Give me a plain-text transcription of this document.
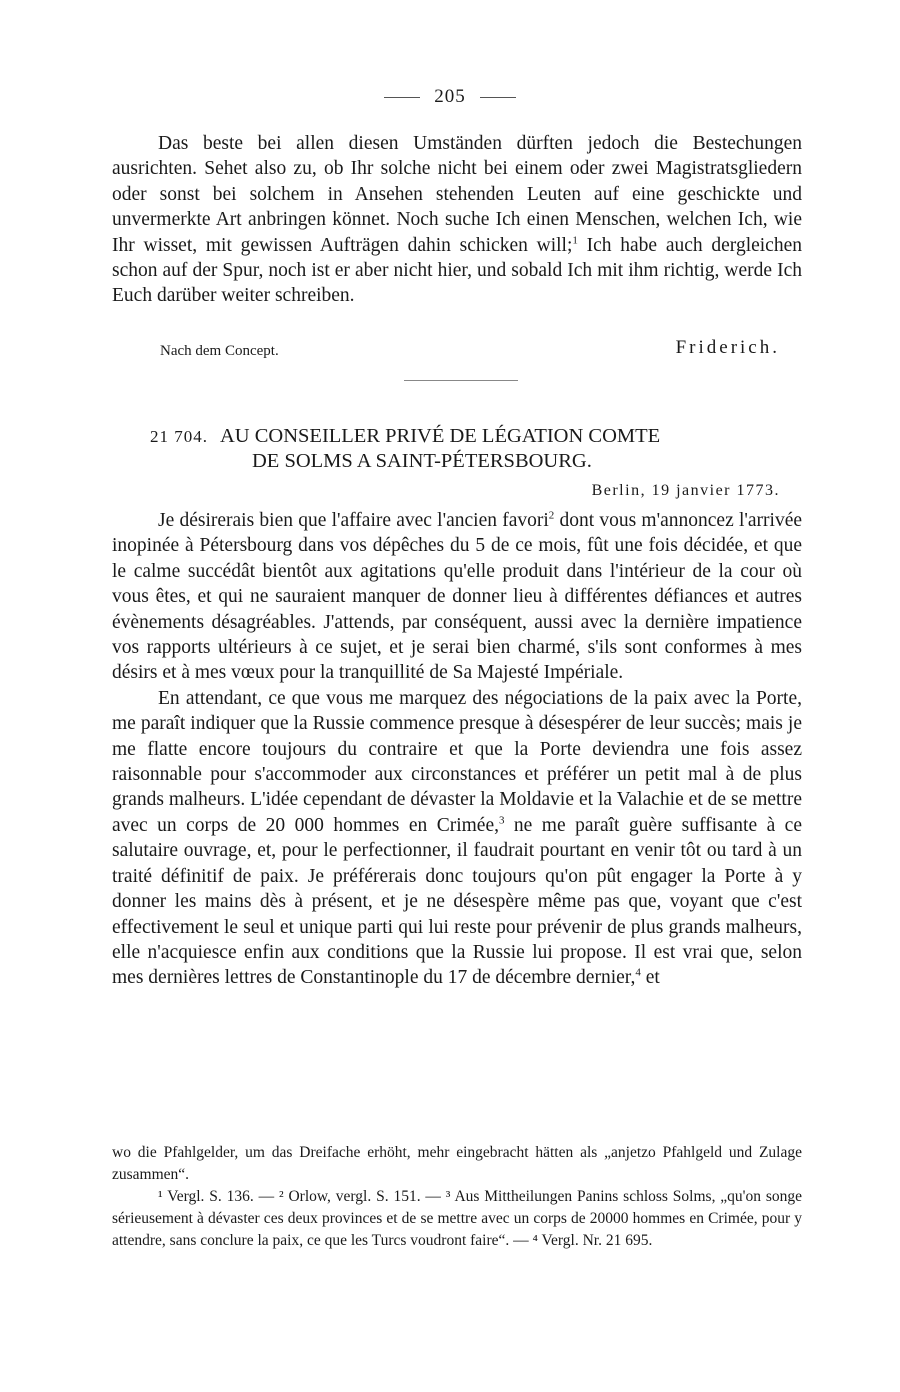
205

Das beste bei allen diesen Umständen dürften jedoch die Bestechungen ausrichten. Sehet also zu, ob Ihr solche nicht bei einem oder zwei Magistratsgliedern oder sonst bei solchem in Ansehen stehenden Leuten auf eine geschickte und unvermerkte Art anbringen könnet. Noch suche Ich einen Menschen, welchen Ich, wie Ihr wisset, mit gewissen Aufträgen dahin schicken will;$^1$ Ich habe auch dergleichen schon auf der Spur, noch ist er aber nicht hier, und sobald Ich mit ihm richtig, werde Ich Euch darüber weiter schreiben.

Nach dem Concept.	Friderich.
21 704. AU CONSEILLER PRIVÉ DE LÉGATION COMTE
DE SOLMS A SAINT-PÉTERSBOURG.
Berlin, 19 janvier 1773.

Je désirerais bien que l'affaire avec l'ancien favori$^2$ dont vous m'annoncez l'arrivée inopinée à Pétersbourg dans vos dépêches du 5 de ce mois, fût une fois décidée, et que le calme succédât bientôt aux agitations qu'elle produit dans l'intérieur de la cour où vous êtes, et qui ne sauraient manquer de donner lieu à différentes défiances et autres évènements désagréables. J'attends, par conséquent, aussi avec la dernière impatience vos rapports ultérieurs à ce sujet, et je serai bien charmé, s'ils sont conformes à mes désirs et à mes vœux pour la tranquillité de Sa Majesté Impériale.

En attendant, ce que vous me marquez des négociations de la paix avec la Porte, me paraît indiquer que la Russie commence presque à désespérer de leur succès; mais je me flatte encore toujours du contraire et que la Porte deviendra une fois assez raisonnable pour s'accommoder aux circonstances et préférer un petit mal à de plus grands malheurs. L'idée cependant de dévaster la Moldavie et la Valachie et de se mettre avec un corps de 20 000 hommes en Crimée,$^3$ ne me paraît guère suffisante à ce salutaire ouvrage, et, pour le perfectionner, il faudrait pourtant en venir tôt ou tard à un traité définitif de paix. Je préférerais donc toujours qu'on pût engager la Porte à y donner les mains dès à présent, et je ne désespère même pas que, voyant que c'est effectivement le seul et unique parti qui lui reste pour prévenir de plus grands malheurs, elle n'acquiesce enfin aux conditions que la Russie lui propose. Il est vrai que, selon mes dernières lettres de Constantinople du 17 de décembre dernier,$^4$ et

wo die Pfahlgelder, um das Dreifache erhöht, mehr eingebracht hätten als „anjetzo Pfahlgeld und Zulage zusammen“.

¹ Vergl. S. 136. — ² Orlow, vergl. S. 151. — ³ Aus Mittheilungen Panins schloss Solms, „qu'on songe sérieusement à dévaster ces deux provinces et de se mettre avec un corps de 20000 hommes en Crimée, pour y attendre, sans conclure la paix, ce que les Turcs voudront faire“. — ⁴ Vergl. Nr. 21 695.
